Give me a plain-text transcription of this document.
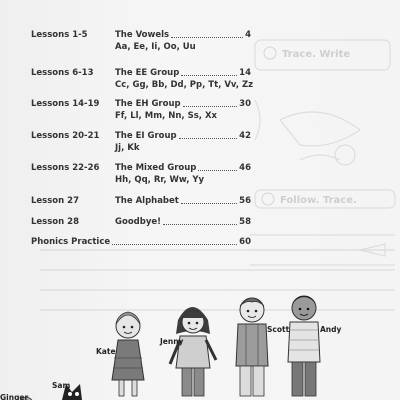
Trace. Write
Follow. Trace.
Lessons 1-5	The Vowels	4
Aa, Ee, Ii, Oo, Uu
Lessons 6-13	The EE Group	14
Cc, Gg, Bb, Dd, Pp, Tt, Vv, Zz
Lessons 14-19 The EH Group	30
Ff, Ll, Mm, Nn, Ss, Xx
Lessons 20-21 The EI Group	42
Jj, Kk
Lessons 22-26 The Mixed Group	46
Hh, Qq, Rr, Ww, Yy
Lesson 27	The Alphabet	56
Lesson 28	Goodbye!	58
Phonics Practice	60
Kate
Jenny
Scott	Andy
Sam
Ginger
